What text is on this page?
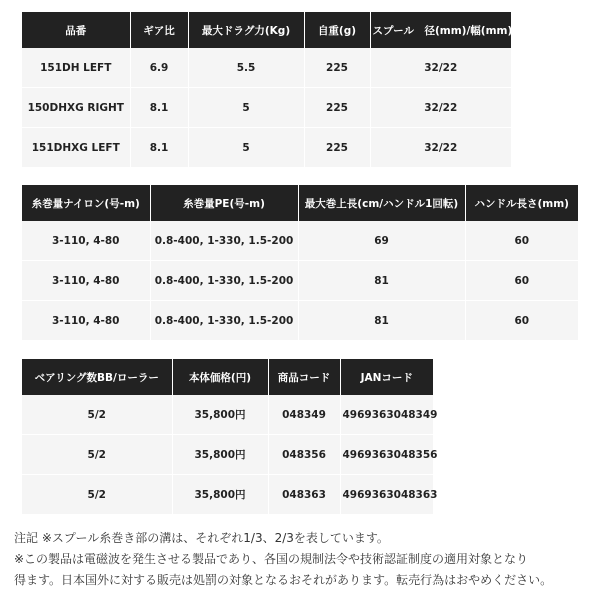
品番	ギア比	最大ドラグ力(Kg)	自重(g)	スプール　径(mm)/幅(mm)
151DH LEFT	6.9	5.5	225	32/22
150DHXG RIGHT	8.1	5	225	32/22
151DHXG LEFT	8.1	5	225	32/22
糸巻量ナイロン(号-m)	糸巻量PE(号-m)	最大巻上長(cm/ハンドル1回転)	ハンドル長さ(mm)
3-110, 4-80	0.8-400, 1-330, 1.5-200	69	60
3-110, 4-80	0.8-400, 1-330, 1.5-200	81	60
3-110, 4-80	0.8-400, 1-330, 1.5-200	81	60
ベアリング数BB/ローラー	本体価格(円)	商品コード	JANコード
5/2	35,800円	048349	4969363048349
5/2	35,800円	048356	4969363048356
5/2	35,800円	048363	4969363048363
注記 ※スプール糸巻き部の溝は、それぞれ1/3、2/3を表しています。
※この製品は電磁波を発生させる製品であり、各国の規制法令や技術認証制度の適用対象となり
得ます。日本国外に対する販売は処罰の対象となるおそれがあります。転売行為はおやめください。
